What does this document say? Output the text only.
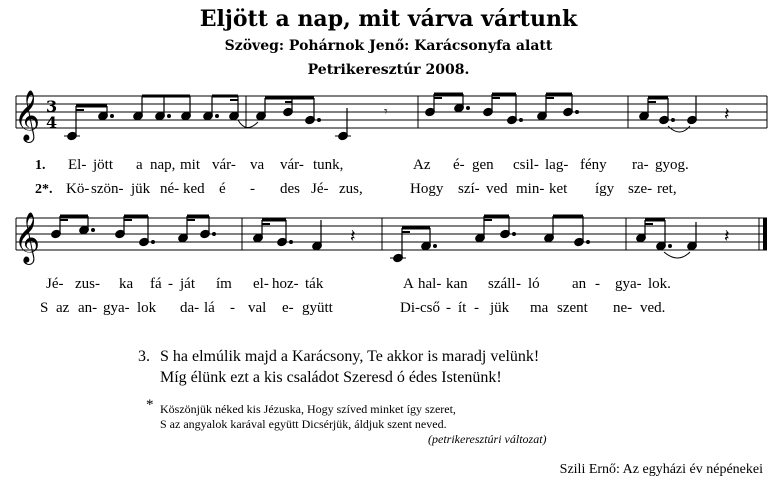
Eljött a nap, mit várva vártunk
Szöveg: Pohárnok Jenő: Karácsonyfa alatt
Petrikeresztúr 2008.
𝄞 3
4
𝄾	𝄽
1. El- jött a nap, mit vár- va vár- tunk,	Az é- gen csil- lag- fény ra- gyog.
2*. Kö- szön- jük né- ked é - des Jé- zus,	Hogy szí- ved min- ket így sze- ret,
𝄞	𝄽	𝄽
Jé- zus- ka fá - ját ím el- hoz- ták	A hal- kan száll - ló an - gya- lok.
S az an- gya- lok da- lá - val e- gyütt	Di- cső - ít - jük ma szent ne- ved.
3. S ha elmúlik majd a Karácsony, Te akkor is maradj velünk!
Míg élünk ezt a kis családot Szeresd ó édes Istenünk!
* Köszönjük néked kis Jézuska, Hogy szíved minket így szeret,
S az angyalok karával együtt Dicsérjük, áldjuk szent neved.
(petrikeresztúri változat)
Szili Ernő: Az egyházi év népénekei
